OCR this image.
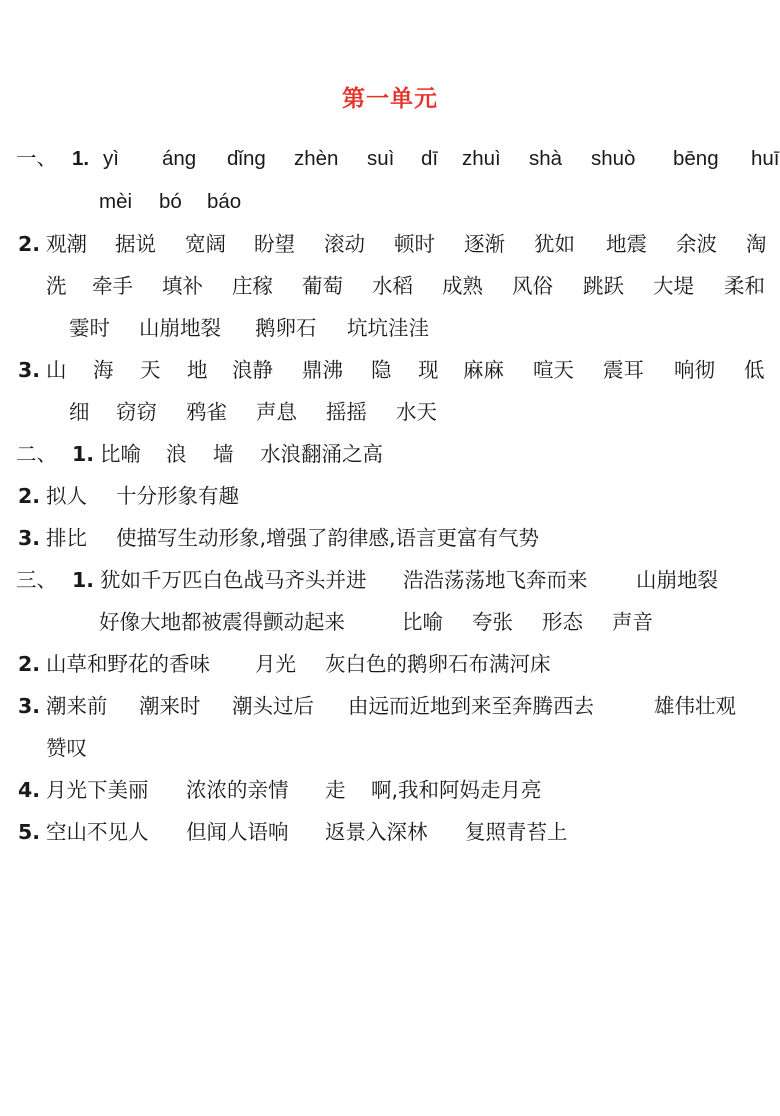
第一单元
一、 1. yì áng dǐng zhèn suì dī zhuì shà shuò bēng huī
mèi bó báo
2. 观潮 据说 宽阔 盼望 滚动 顿时 逐渐 犹如 地震 余波 淘
洗 牵手 填补 庄稼 葡萄 水稻 成熟 风俗 跳跃 大堤 柔和
霎时 山崩地裂 鹅卵石 坑坑洼洼
3. 山 海 天 地 浪静 鼎沸 隐 现 麻麻 喧天 震耳 响彻 低
细 窃窃 鸦雀 声息 摇摇 水天
二、 1. 比喻 浪 墙 水浪翻涌之高
2. 拟人 十分形象有趣
3. 排比 使描写生动形象,增强了韵律感,语言更富有气势
三、 1. 犹如千万匹白色战马齐头并进 浩浩荡荡地飞奔而来 山崩地裂
好像大地都被震得颤动起来	比喻 夸张 形态 声音
2. 山草和野花的香味 月光 灰白色的鹅卵石布满河床
3. 潮来前 潮来时 潮头过后 由远而近地到来至奔腾西去	雄伟壮观
赞叹
4. 月光下美丽 浓浓的亲情 走 啊,我和阿妈走月亮
5. 空山不见人 但闻人语响 返景入深林 复照青苔上
